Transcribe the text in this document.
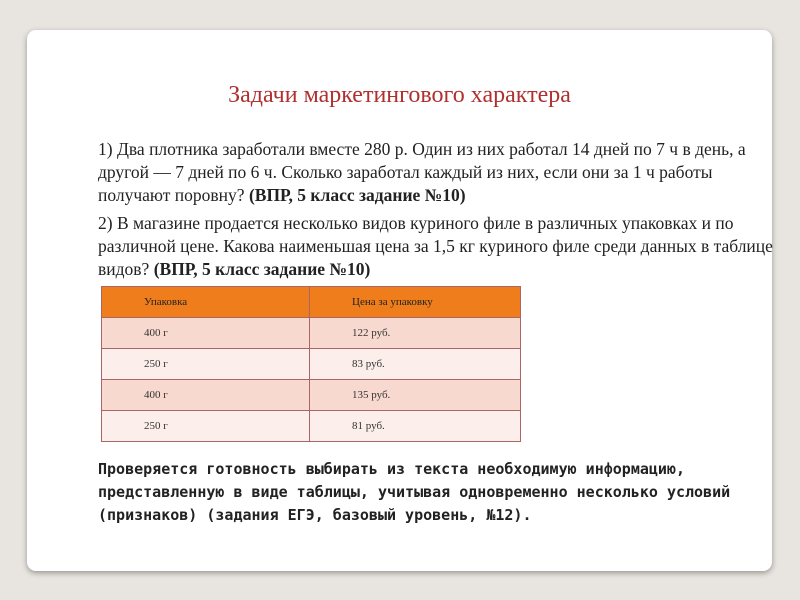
Задачи маркетингового характера
1) Два плотника заработали вместе 280 р. Один из них работал 14 дней по 7 ч в день, а другой — 7 дней по 6 ч. Сколько заработал каждый из них, если они за 1 ч работы получают поровну? (ВПР, 5 класс задание №10)
2) В магазине продается несколько видов куриного филе в различных упаковках и по различной цене. Какова наименьшая цена за 1,5 кг куриного филе среди данных в таблице видов? (ВПР, 5 класс задание №10)
Упаковка	Цена за упаковку
400 г	122 руб.
250 г	83 руб.
400 г	135 руб.
250 г	81 руб.
Проверяется готовность выбирать из текста необходимую информацию, представленную в виде таблицы, учитывая одновременно несколько условий (признаков) (задания ЕГЭ, базовый уровень, №12).
